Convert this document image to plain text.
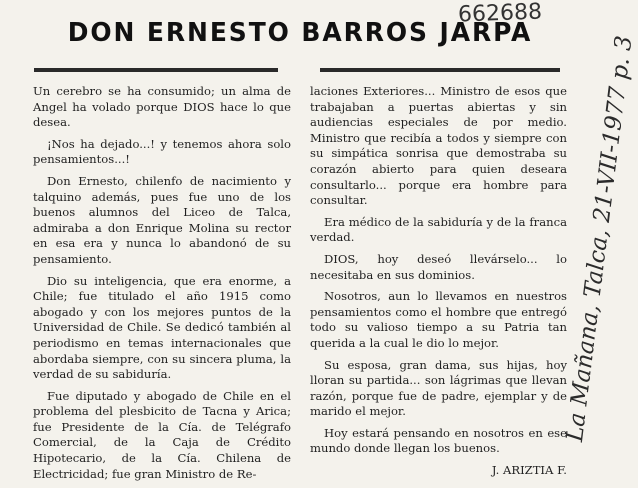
662688
DON ERNESTO BARROS JARPA

Un cerebro se ha consumido; un alma de Angel ha volado porque DIOS hace lo que desea.

¡Nos ha dejado...! y tenemos ahora solo pensamientos...!

Don Ernesto, chilenfo de nacimiento y talquino además, pues fue uno de los buenos alumnos del Liceo de Talca, admiraba a don Enrique Molina su rector en esa era y nunca lo abandonó de su pensamiento.

Dio su inteligencia, que era enorme, a Chile; fue titulado el año 1915 como abogado y con los mejores puntos de la Universidad de Chile. Se dedicó también al periodismo en temas internacionales que abordaba siempre, con su sincera pluma, la verdad de su sabiduría.

Fue diputado y abogado de Chile en el problema del plesbicito de Tacna y Arica; fue Presidente de la Cía. de Telégrafo Comercial, de la Caja de Crédito Hipotecario, de la Cía. Chilena de Electricidad; fue gran Ministro de Re-

laciones Exteriores... Ministro de esos que trabajaban a puertas abiertas y sin audiencias especiales de por medio. Ministro que recibía a todos y siempre con su simpática sonrisa que demostraba su corazón abierto para quien deseara consultarlo... porque era hombre para consultar.

Era médico de la sabiduría y de la franca verdad.

DIOS, hoy deseó llevárselo... lo necesitaba en sus dominios.

Nosotros, aun lo llevamos en nuestros pensamientos como el hombre que entregó todo su valioso tiempo a su Patria tan querida a la cual le dio lo mejor.

Su esposa, gran dama, sus hijas, hoy lloran su partida... son lágrimas que llevan razón, porque fue de padre, ejemplar y de marido el mejor.

Hoy estará pensando en nosotros en ese mundo donde llegan los buenos.

J. ARIZTIA F.
La Mañana, Talca, 21-VII-1977 p. 3
